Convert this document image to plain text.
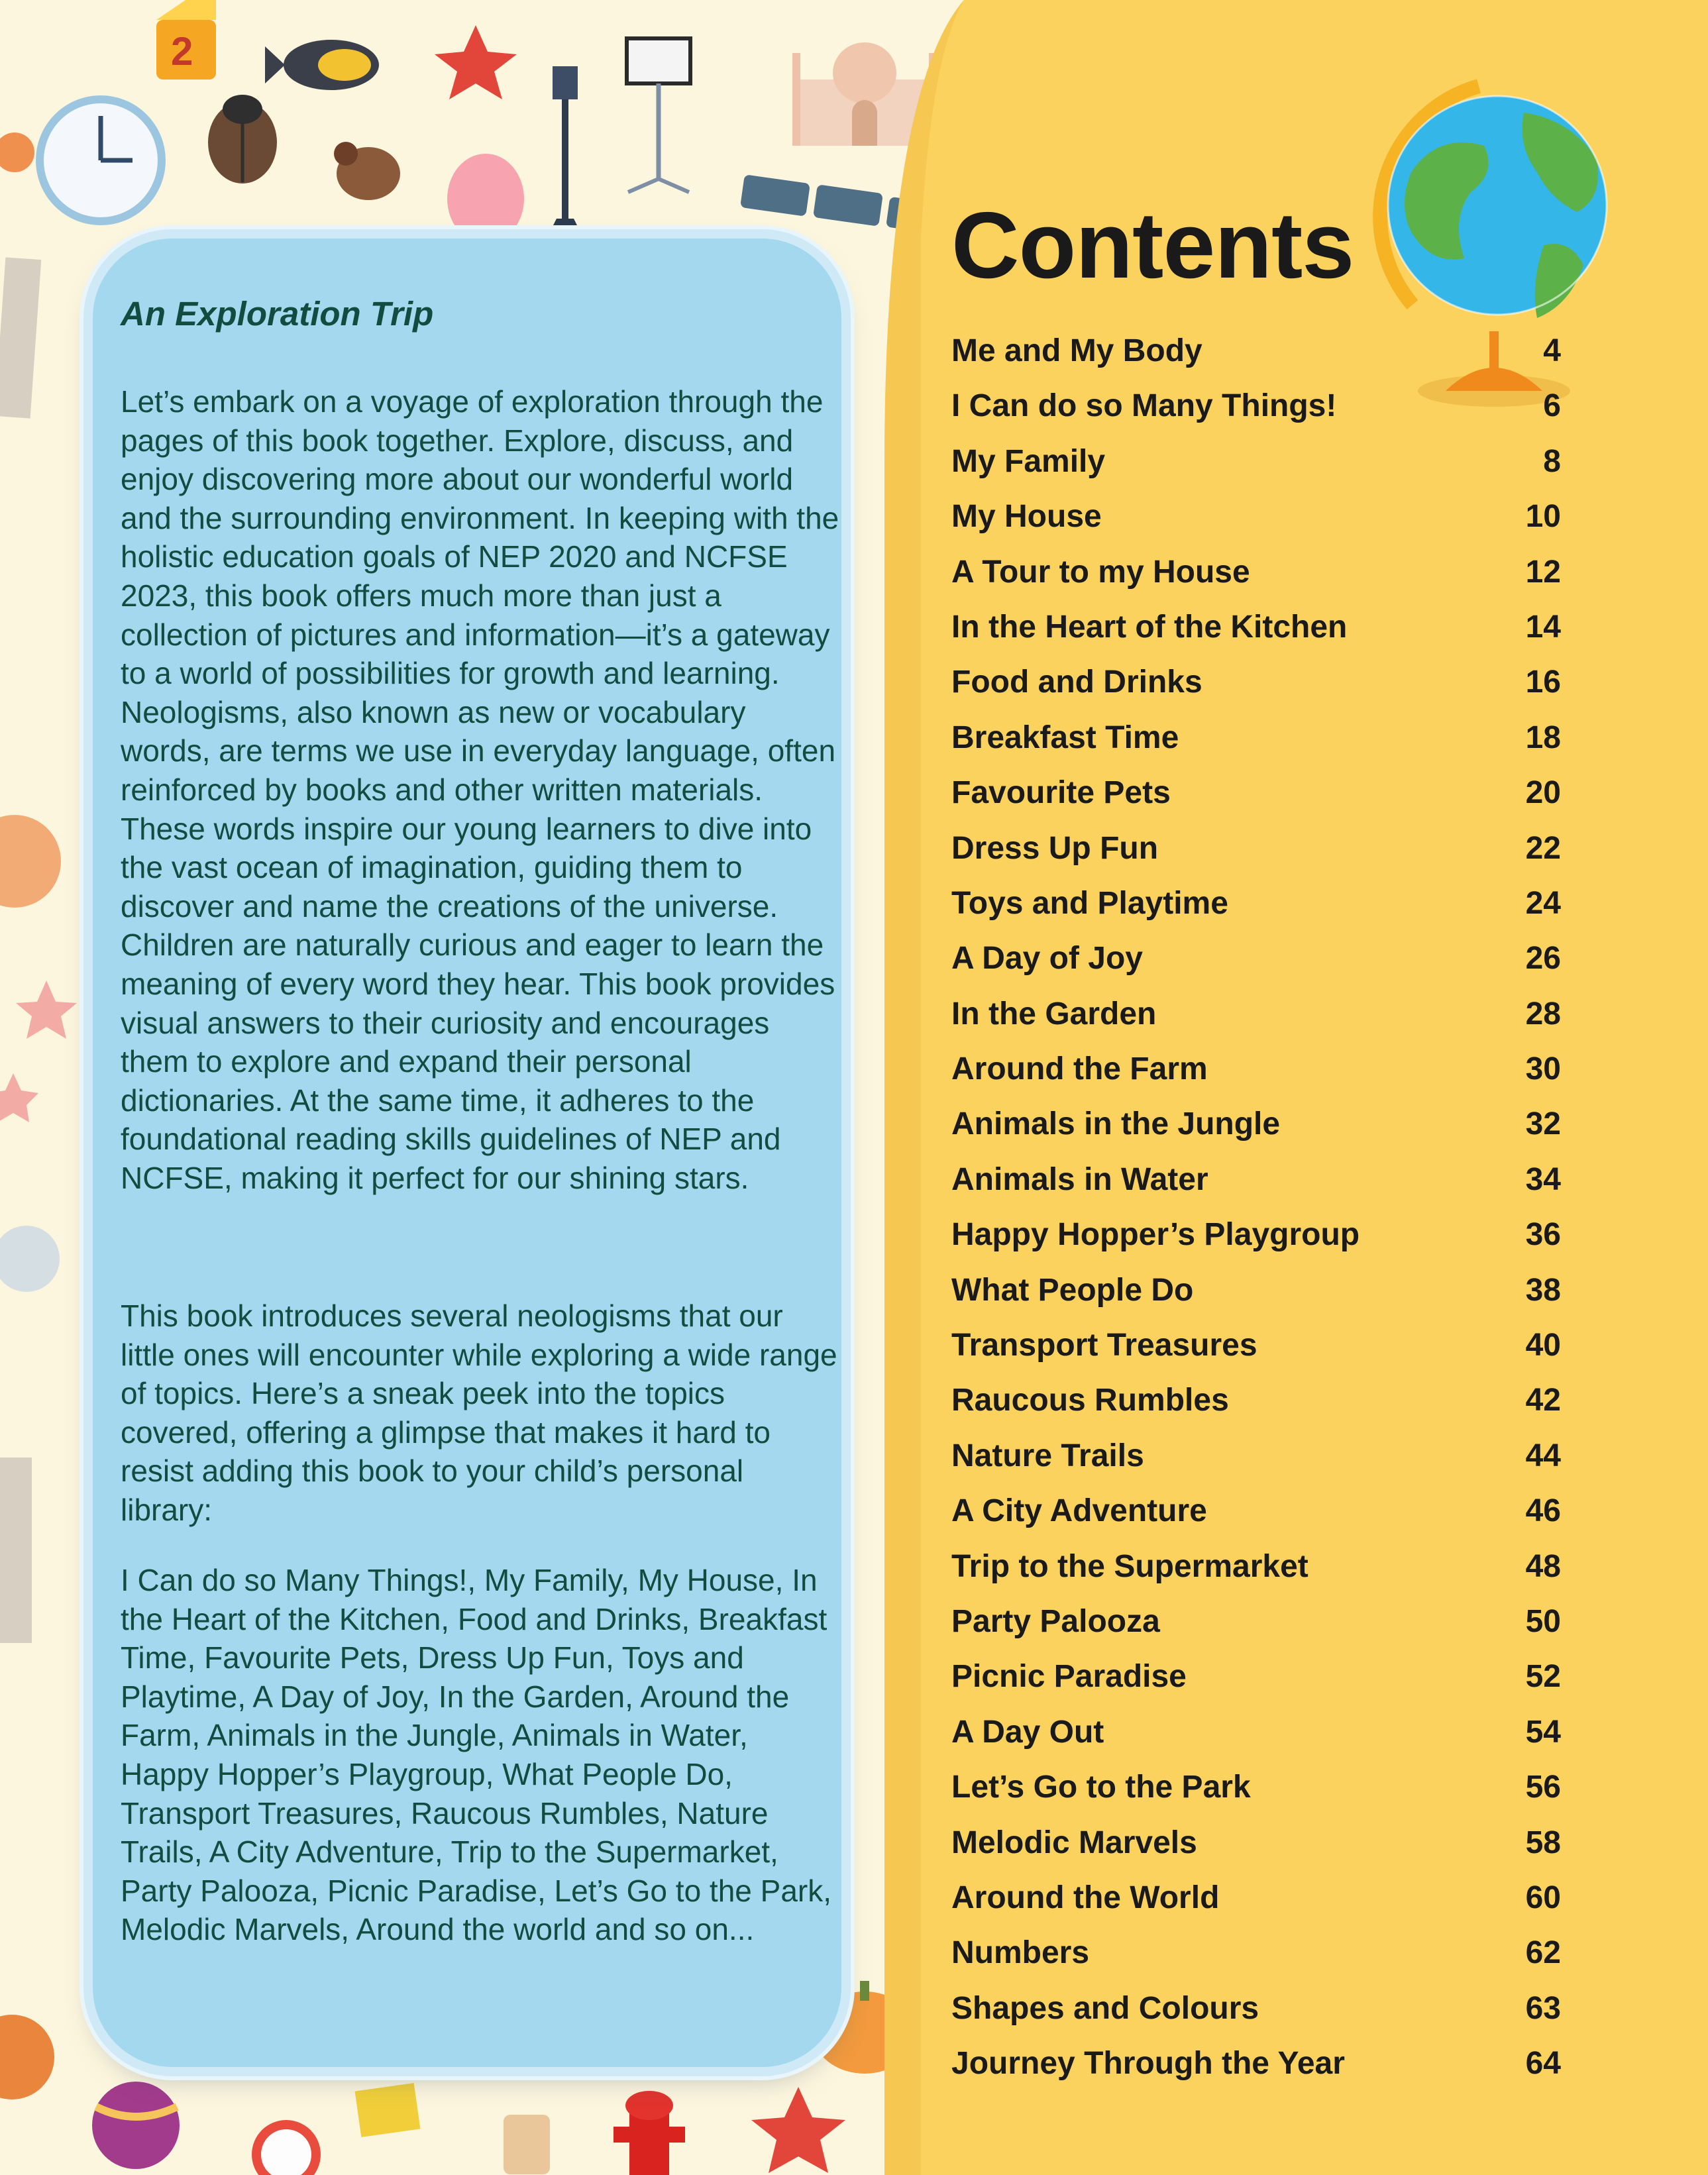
2
An Exploration Trip

Let’s embark on a voyage of exploration through the pages of this book together. Explore, discuss, and enjoy discovering more about our wonderful world and the surrounding environment. In keeping with the holistic education goals of NEP 2020 and NCFSE 2023, this book offers much more than just a collection of pictures and information—it’s a gateway to a world of possibilities for growth and learning. Neologisms, also known as new or vocabulary words, are terms we use in everyday language, often reinforced by books and other written materials. These words inspire our young learners to dive into the vast ocean of imagination, guiding them to discover and name the creations of the universe. Children are naturally curious and eager to learn the meaning of every word they hear. This book provides visual answers to their curiosity and encourages them to explore and expand their personal dictionaries. At the same time, it adheres to the foundational reading skills guidelines of NEP and NCFSE, making it perfect for our shining stars.

This book introduces several neologisms that our little ones will encounter while exploring a wide range of topics. Here’s a sneak peek into the topics covered, offering a glimpse that makes it hard to resist adding this book to your child’s personal library:

I Can do so Many Things!, My Family, My House, In the Heart of the Kitchen, Food and Drinks, Breakfast Time, Favourite Pets, Dress Up Fun, Toys and Playtime, A Day of Joy, In the Garden, Around the Farm, Animals in the Jungle, Animals in Water, Happy Hopper’s Playgroup, What People Do, Transport Treasures, Raucous Rumbles, Nature Trails, A City Adventure, Trip to the Supermarket, Party Palooza, Picnic Paradise, Let’s Go to the Park, Melodic Marvels, Around the world and so on...

Contents
Me and My Body	4
I Can do so Many Things!	6
My Family	8
My House	10
A Tour to my House	12
In the Heart of the Kitchen	14
Food and Drinks	16
Breakfast Time	18
Favourite Pets	20
Dress Up Fun	22
Toys and Playtime	24
A Day of Joy	26
In the Garden	28
Around the Farm	30
Animals in the Jungle	32
Animals in Water	34
Happy Hopper’s Playgroup	36
What People Do	38
Transport Treasures	40
Raucous Rumbles	42
Nature Trails	44
A City Adventure	46
Trip to the Supermarket	48
Party Palooza	50
Picnic Paradise	52
A Day Out	54
Let’s Go to the Park	56
Melodic Marvels	58
Around the World	60
Numbers	62
Shapes and Colours	63
Journey Through the Year	64
